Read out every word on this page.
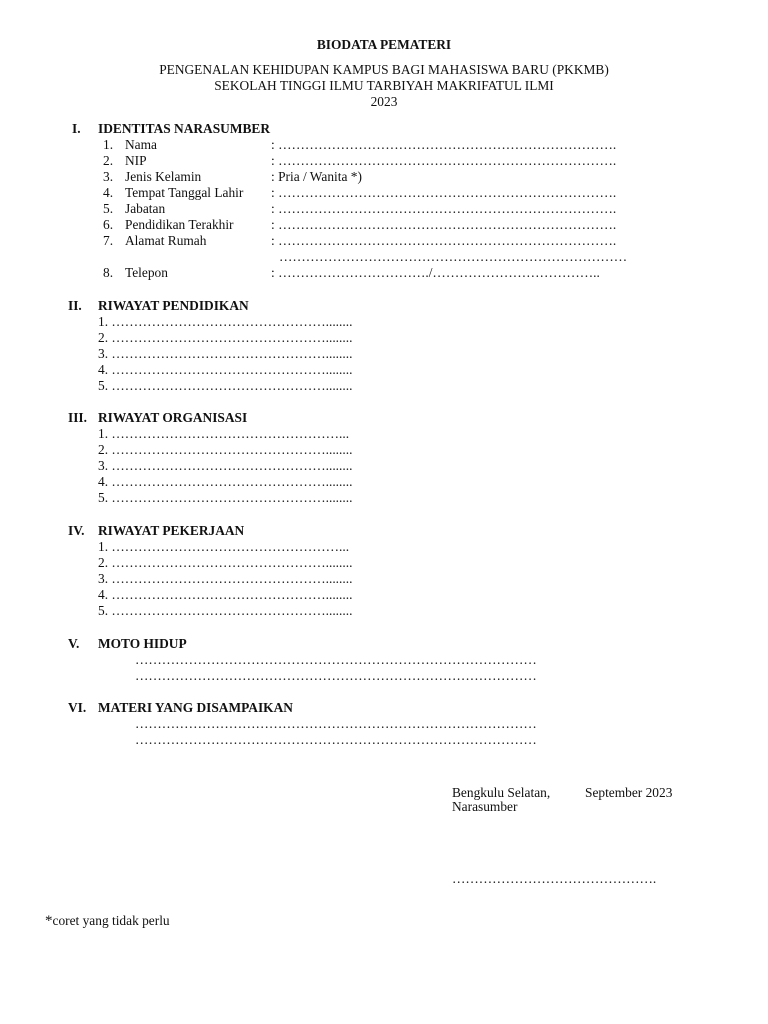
BIODATA PEMATERI
PENGENALAN KEHIDUPAN KAMPUS BAGI MAHASISWA BARU (PKKMB)
SEKOLAH TINGGI ILMU TARBIYAH MAKRIFATUL ILMI
2023
I. IDENTITAS NARASUMBER
1. Nama	: ………………………………………………………………….
2. NIP	: ………………………………………………………………….
3. Jenis Kelamin	: Pria / Wanita *)
4. Tempat Tanggal Lahir : ………………………………………………………………….
5. Jabatan	: ………………………………………………………………….
6. Pendidikan Terakhir	: ………………………………………………………………….
7. Alamat Rumah	: ………………………………………………………………….
……………………………………………………………………
8. Telepon	: ……………………………./………………………………..
II. RIWAYAT PENDIDIKAN
1. …………………………………………........
2. …………………………………………........
3. …………………………………………........
4. …………………………………………........
5. …………………………………………........
III. RIWAYAT ORGANISASI
1. ……………………………………………...
2. …………………………………………........
3. …………………………………………........
4. …………………………………………........
5. …………………………………………........
IV. RIWAYAT PEKERJAAN
1. ……………………………………………...
2. …………………………………………........
3. …………………………………………........
4. …………………………………………........
5. …………………………………………........
V. MOTO HIDUP
………………………………………………………………………………
………………………………………………………………………………
VI. MATERI YANG DISAMPAIKAN
………………………………………………………………………………
………………………………………………………………………………
Bengkulu Selatan,	September 2023
Narasumber
……………………………………….
*coret yang tidak perlu
